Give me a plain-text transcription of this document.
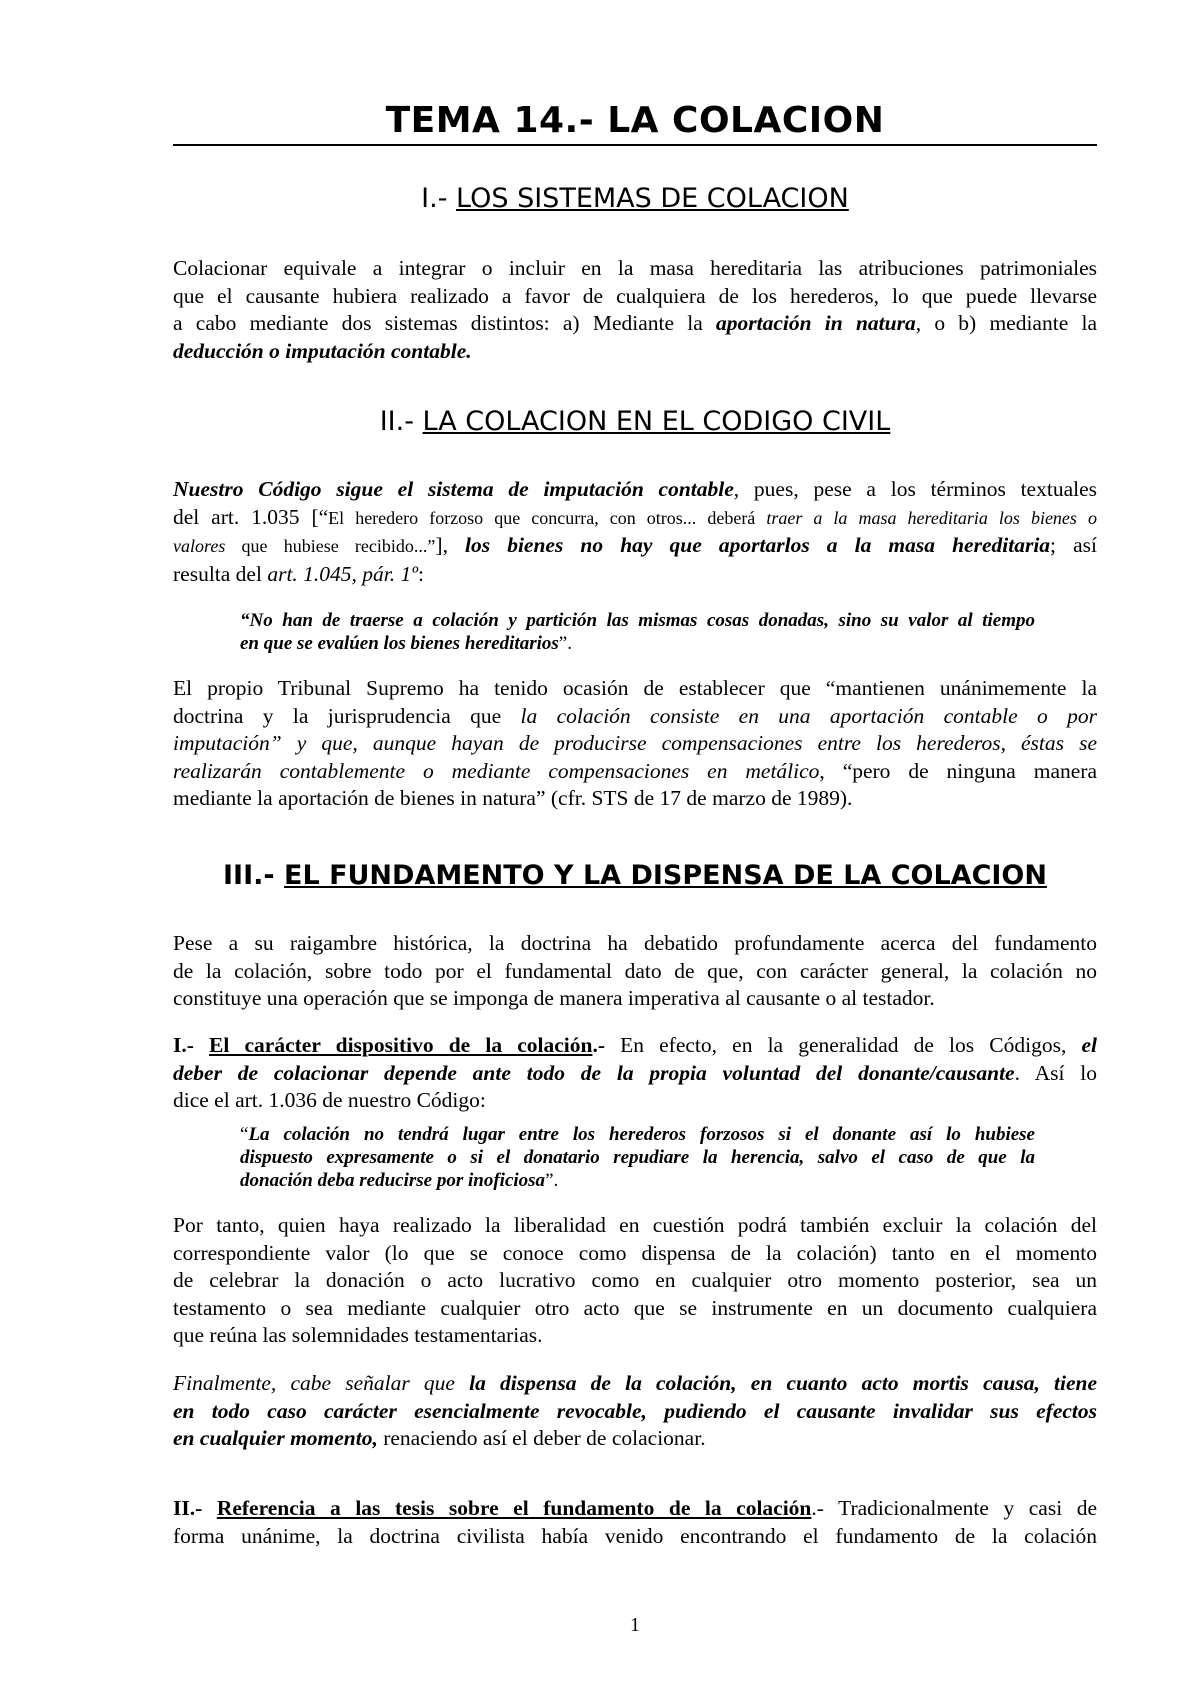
TEMA 14.- LA COLACION
I.- LOS SISTEMAS DE COLACION
Colacionar equivale a integrar o incluir en la masa hereditaria las atribuciones patrimoniales
que el causante hubiera realizado a favor de cualquiera de los herederos, lo que puede llevarse
a cabo mediante dos sistemas distintos: a) Mediante la aportación in natura, o b) mediante la
deducción o imputación contable.
II.- LA COLACION EN EL CODIGO CIVIL
Nuestro Código sigue el sistema de imputación contable, pues, pese a los términos textuales
del art. 1.035 [“El heredero forzoso que concurra, con otros... deberá traer a la masa hereditaria los bienes o
valores que hubiese recibido...”], los bienes no hay que aportarlos a la masa hereditaria; así
resulta del art. 1.045, pár. 1º:
“No han de traerse a colación y partición las mismas cosas donadas, sino su valor al tiempo
en que se evalúen los bienes hereditarios”.
El propio Tribunal Supremo ha tenido ocasión de establecer que “mantienen unánimemente la
doctrina y la jurisprudencia que la colación consiste en una aportación contable o por
imputación” y que, aunque hayan de producirse compensaciones entre los herederos, éstas se
realizarán contablemente o mediante compensaciones en metálico, “pero de ninguna manera
mediante la aportación de bienes in natura” (cfr. STS de 17 de marzo de 1989).
III.- EL FUNDAMENTO Y LA DISPENSA DE LA COLACION
Pese a su raigambre histórica, la doctrina ha debatido profundamente acerca del fundamento
de la colación, sobre todo por el fundamental dato de que, con carácter general, la colación no
constituye una operación que se imponga de manera imperativa al causante o al testador.
I.- El carácter dispositivo de la colación.- En efecto, en la generalidad de los Códigos, el
deber de colacionar depende ante todo de la propia voluntad del donante/causante. Así lo
dice el art. 1.036 de nuestro Código:
“La colación no tendrá lugar entre los herederos forzosos si el donante así lo hubiese
dispuesto expresamente o si el donatario repudiare la herencia, salvo el caso de que la
donación deba reducirse por inoficiosa”.
Por tanto, quien haya realizado la liberalidad en cuestión podrá también excluir la colación del
correspondiente valor (lo que se conoce como dispensa de la colación) tanto en el momento
de celebrar la donación o acto lucrativo como en cualquier otro momento posterior, sea un
testamento o sea mediante cualquier otro acto que se instrumente en un documento cualquiera
que reúna las solemnidades testamentarias.
Finalmente, cabe señalar que la dispensa de la colación, en cuanto acto mortis causa, tiene
en todo caso carácter esencialmente revocable, pudiendo el causante invalidar sus efectos
en cualquier momento, renaciendo así el deber de colacionar.
II.- Referencia a las tesis sobre el fundamento de la colación.- Tradicionalmente y casi de
forma unánime, la doctrina civilista había venido encontrando el fundamento de la colación
1
